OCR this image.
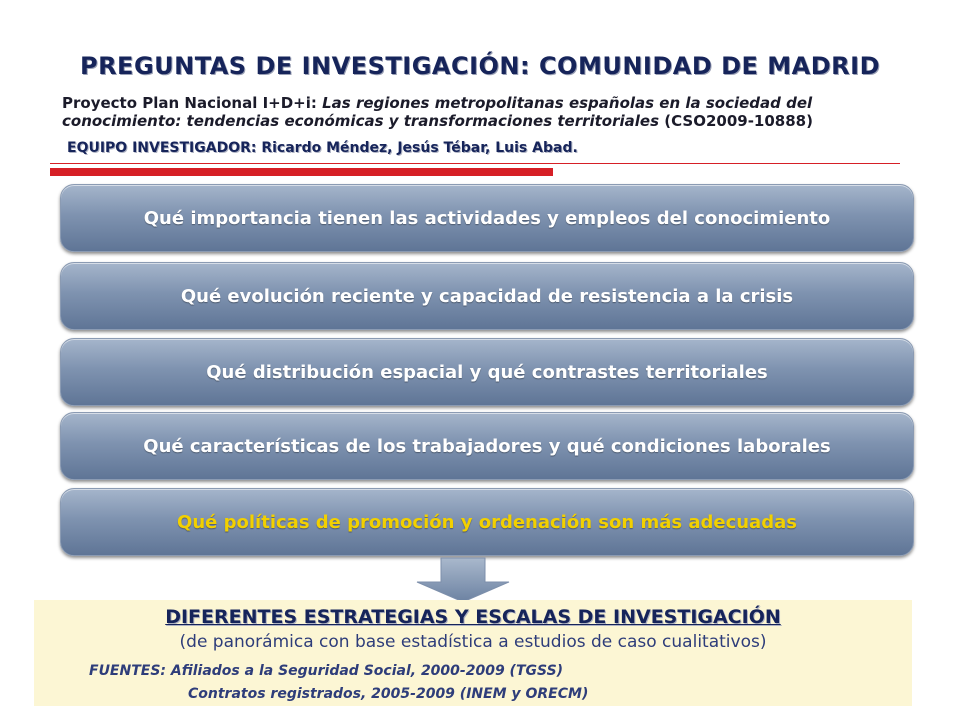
PREGUNTAS DE INVESTIGACIÓN: COMUNIDAD DE MADRID
Proyecto Plan Nacional I+D+i: Las regiones metropolitanas españolas en la sociedad del conocimiento: tendencias económicas y transformaciones territoriales (CSO2009-10888)
EQUIPO INVESTIGADOR: Ricardo Méndez, Jesús Tébar, Luis Abad.
Qué importancia tienen las actividades y empleos del conocimiento
Qué evolución reciente y capacidad de resistencia a la crisis
Qué distribución espacial y qué contrastes territoriales
Qué características de los trabajadores y qué condiciones laborales
Qué políticas de promoción y ordenación son más adecuadas
DIFERENTES ESTRATEGIAS Y ESCALAS DE INVESTIGACIÓN
(de panorámica con base estadística a estudios de caso cualitativos)
FUENTES: Afiliados a la Seguridad Social, 2000-2009 (TGSS)
Contratos registrados, 2005-2009 (INEM y ORECM)
